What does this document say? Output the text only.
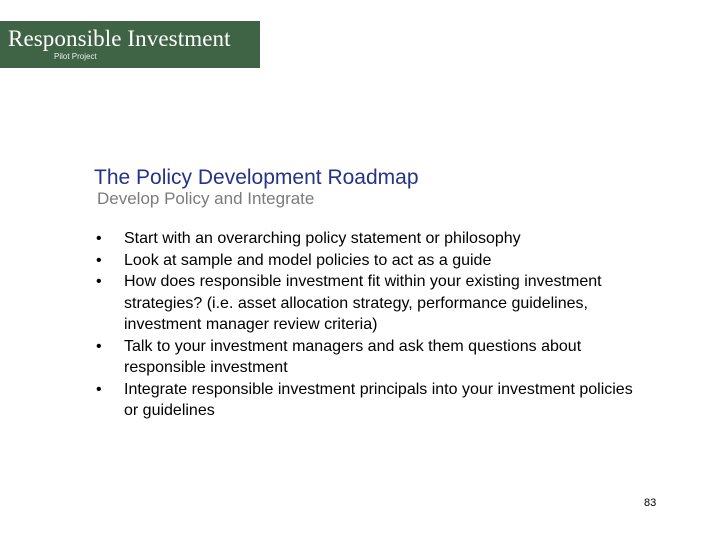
Responsible Investment
Pilot Project
The Policy Development Roadmap
Develop Policy and Integrate
• Start with an overarching policy statement or philosophy
• Look at sample and model policies to act as a guide
• How does responsible investment fit within your existing investment strategies? (i.e. asset allocation strategy, performance guidelines, investment manager review criteria)
• Talk to your investment managers and ask them questions about responsible investment
• Integrate responsible investment principals into your investment policies or guidelines
83
